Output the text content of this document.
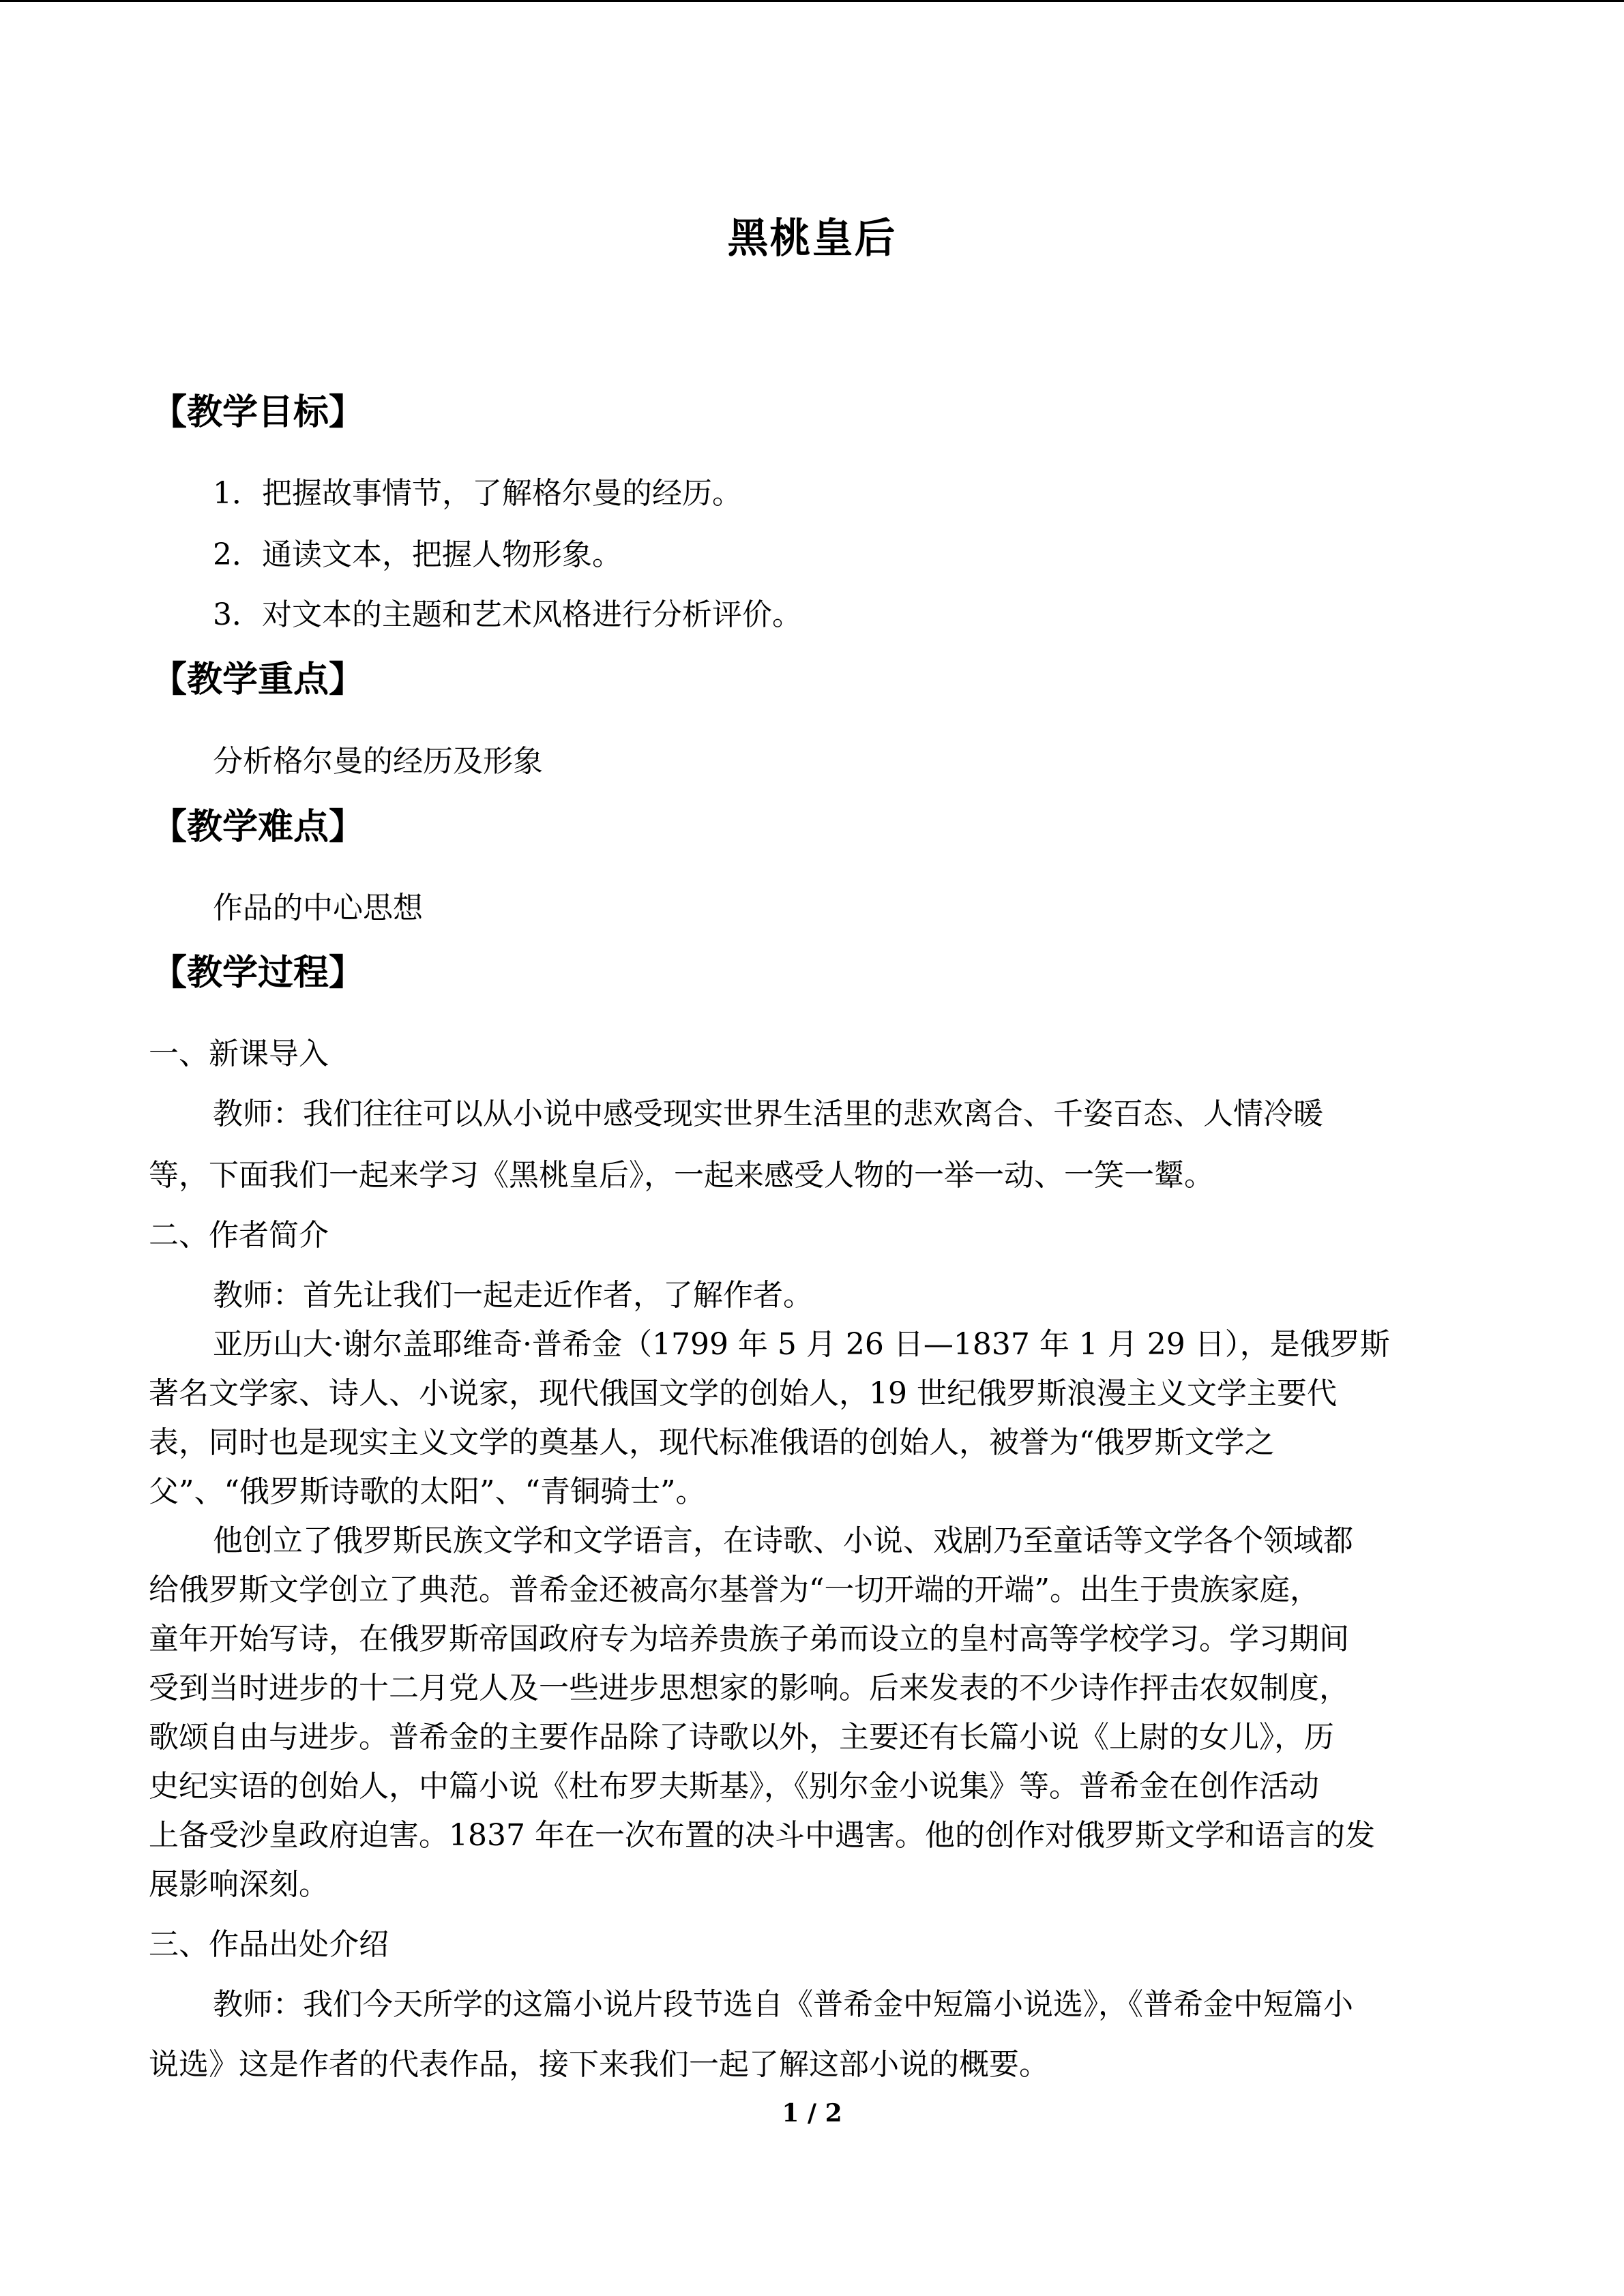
黑桃皇后
【教学目标】
1．把握故事情节，了解格尔曼的经历。
2．通读文本，把握人物形象。
3．对文本的主题和艺术风格进行分析评价。
【教学重点】
分析格尔曼的经历及形象
【教学难点】
作品的中心思想
【教学过程】
一、新课导入
教师：我们往往可以从小说中感受现实世界生活里的悲欢离合、千姿百态、人情冷暖
等，下面我们一起来学习《黑桃皇后》，一起来感受人物的一举一动、一笑一颦。
二、作者简介
教师：首先让我们一起走近作者，了解作者。
亚历山大·谢尔盖耶维奇·普希金（1799 年 5 月 26 日—1837 年 1 月 29 日），是俄罗斯
著名文学家、诗人、小说家，现代俄国文学的创始人，19 世纪俄罗斯浪漫主义文学主要代
表，同时也是现实主义文学的奠基人，现代标准俄语的创始人，被誉为“俄罗斯文学之
父”、“俄罗斯诗歌的太阳”、“青铜骑士”。
他创立了俄罗斯民族文学和文学语言，在诗歌、小说、戏剧乃至童话等文学各个领域都
给俄罗斯文学创立了典范。普希金还被高尔基誉为“一切开端的开端”。出生于贵族家庭，
童年开始写诗，在俄罗斯帝国政府专为培养贵族子弟而设立的皇村高等学校学习。学习期间
受到当时进步的十二月党人及一些进步思想家的影响。后来发表的不少诗作抨击农奴制度，
歌颂自由与进步。普希金的主要作品除了诗歌以外，主要还有长篇小说《上尉的女儿》，历
史纪实语的创始人，中篇小说《杜布罗夫斯基》，《别尔金小说集》等。普希金在创作活动
上备受沙皇政府迫害。1837 年在一次布置的决斗中遇害。他的创作对俄罗斯文学和语言的发
展影响深刻。
三、作品出处介绍
教师：我们今天所学的这篇小说片段节选自《普希金中短篇小说选》，《普希金中短篇小
说选》这是作者的代表作品，接下来我们一起了解这部小说的概要。
1 / 2
